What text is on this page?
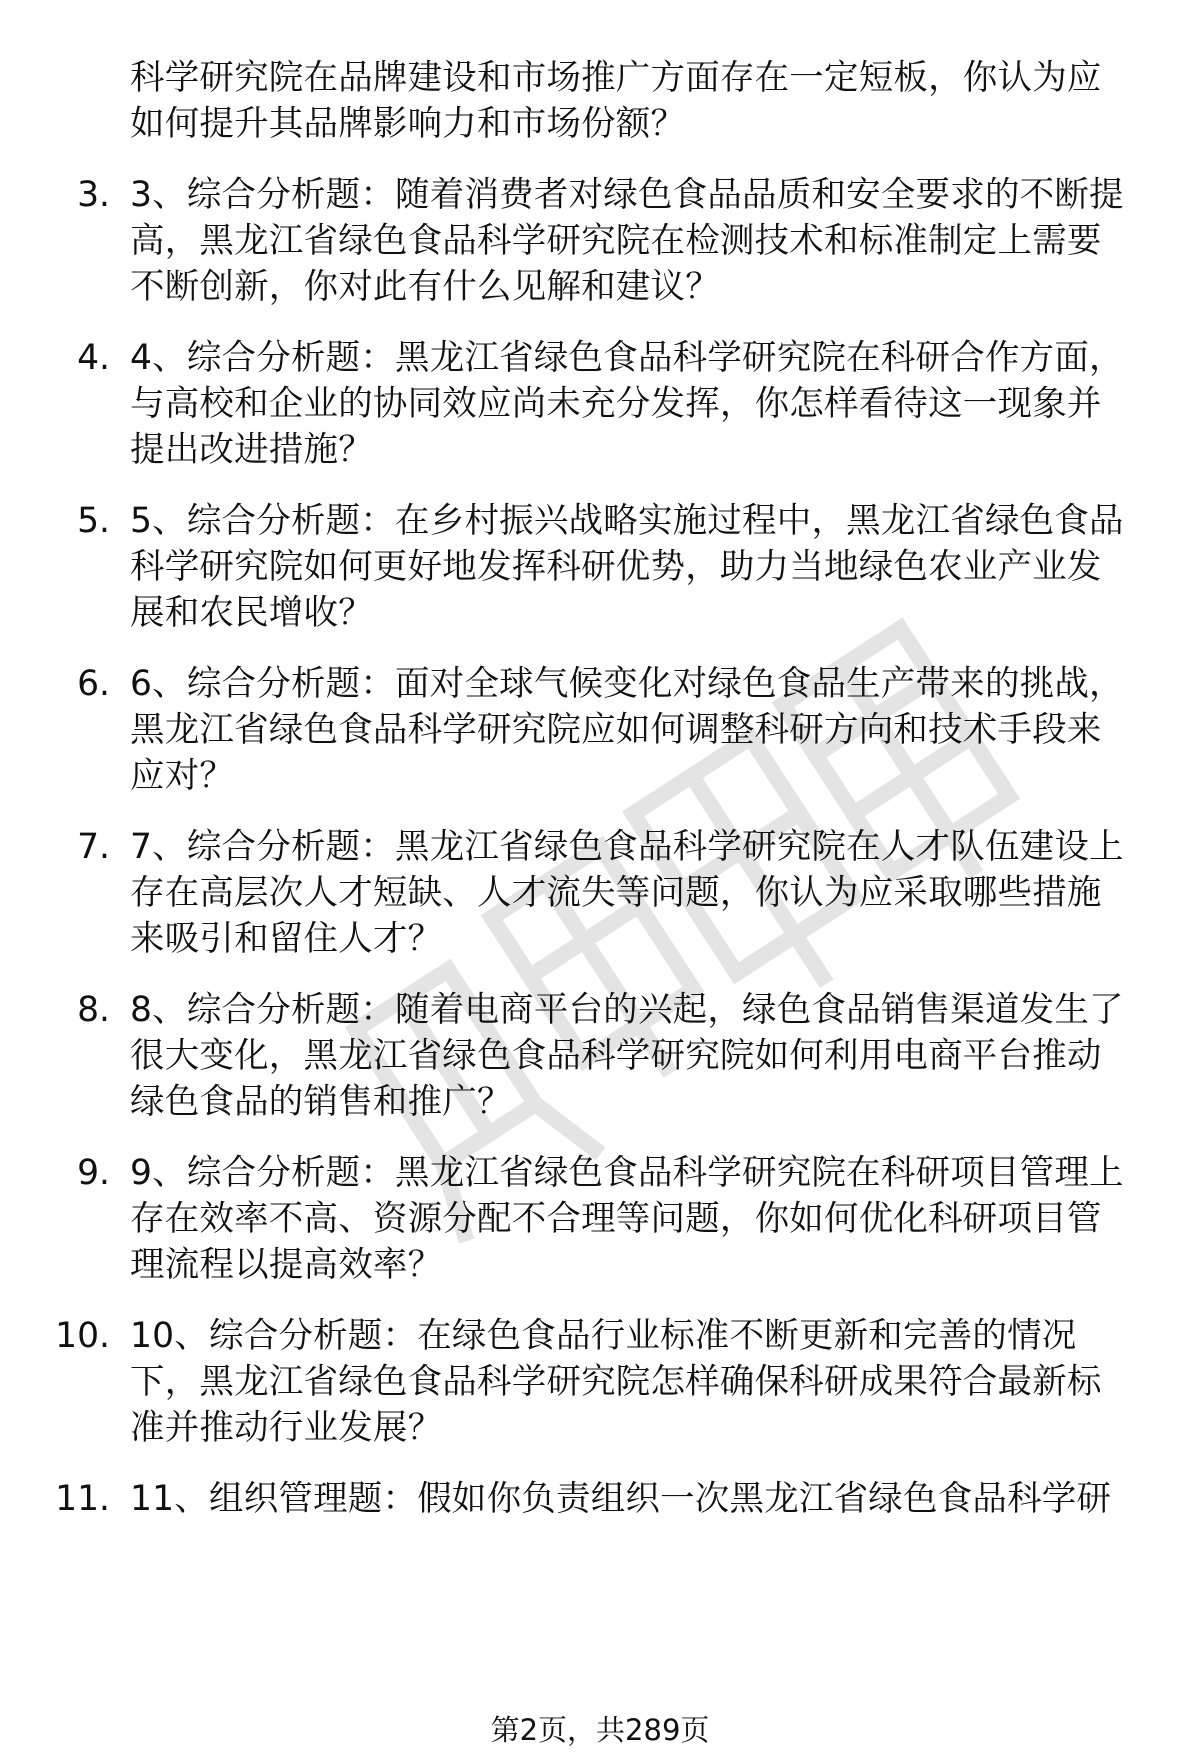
科学研究院在品牌建设和市场推广方面存在一定短板，你认为应

如何提升其品牌影响力和市场份额？

3. 3、综合分析题：随着消费者对绿色食品品质和安全要求的不断提

高，黑龙江省绿色食品科学研究院在检测技术和标准制定上需要

不断创新，你对此有什么见解和建议？

4. 4、综合分析题：黑龙江省绿色食品科学研究院在科研合作方面，

与高校和企业的协同效应尚未充分发挥，你怎样看待这一现象并

提出改进措施？

5. 5、综合分析题：在乡村振兴战略实施过程中，黑龙江省绿色食品

科学研究院如何更好地发挥科研优势，助力当地绿色农业产业发

展和农民增收？

6. 6、综合分析题：面对全球气候变化对绿色食品生产带来的挑战，

黑龙江省绿色食品科学研究院应如何调整科研方向和技术手段来

应对？

7. 7、综合分析题：黑龙江省绿色食品科学研究院在人才队伍建设上

存在高层次人才短缺、人才流失等问题，你认为应采取哪些措施

来吸引和留住人才？

8. 8、综合分析题：随着电商平台的兴起，绿色食品销售渠道发生了

很大变化，黑龙江省绿色食品科学研究院如何利用电商平台推动

绿色食品的销售和推广？

9. 9、综合分析题：黑龙江省绿色食品科学研究院在科研项目管理上

存在效率不高、资源分配不合理等问题，你如何优化科研项目管

理流程以提高效率？

10. 10、综合分析题：在绿色食品行业标准不断更新和完善的情况

下，黑龙江省绿色食品科学研究院怎样确保科研成果符合最新标

准并推动行业发展？

11. 11、组织管理题：假如你负责组织一次黑龙江省绿色食品科学研

第2页，共289页
